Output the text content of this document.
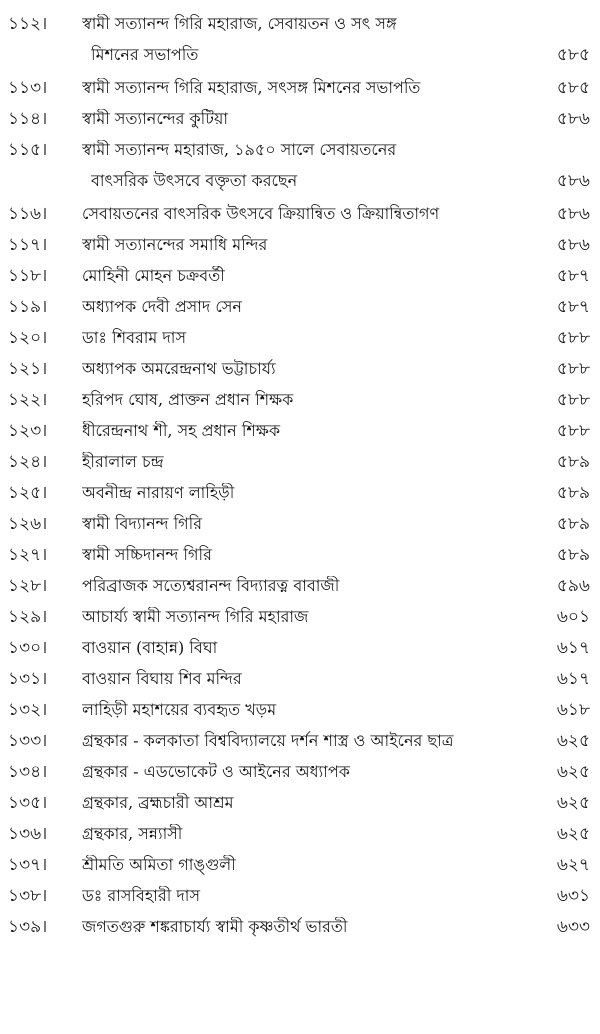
১১২।	স্বামী সত্যানন্দ গিরি মহারাজ, সেবায়তন ও সৎ সঙ্গ
মিশনের সভাপতি	৫৮৫
১১৩।	স্বামী সত্যানন্দ গিরি মহারাজ, সৎসঙ্গ মিশনের সভাপতি	৫৮৫
১১৪।	স্বামী সত্যানন্দের কুটিয়া	৫৮৬
১১৫।	স্বামী সত্যানন্দ মহারাজ, ১৯৫০ সালে সেবায়তনের
বাৎসরিক উৎসবে বক্তৃতা করছেন	৫৮৬
১১৬।	সেবায়তনের বাৎসরিক উৎসবে ক্রিয়ান্বিত ও ক্রিয়ান্বিতাগণ	৫৮৬
১১৭।	স্বামী সত্যানন্দের সমাধি মন্দির	৫৮৬
১১৮।	মোহিনী মোহন চক্রবর্তী	৫৮৭
১১৯।	অধ্যাপক দেবী প্রসাদ সেন	৫৮৭
১২০।	ডাঃ শিবরাম দাস	৫৮৮
১২১।	অধ্যাপক অমরেন্দ্রনাথ ভট্টাচার্য্য	৫৮৮
১২২।	হরিপদ ঘোষ, প্রাক্তন প্রধান শিক্ষক	৫৮৮
১২৩।	ধীরেন্দ্রনাথ শী, সহ প্রধান শিক্ষক	৫৮৮
১২৪।	হীরালাল চন্দ্র	৫৮৯
১২৫।	অবনীন্দ্র নারায়ণ লাহিড়ী	৫৮৯
১২৬।	স্বামী বিদ্যানন্দ গিরি	৫৮৯
১২৭।	স্বামী সচ্চিদানন্দ গিরি	৫৮৯
১২৮।	পরিব্রাজক সত্যেশ্বরানন্দ বিদ্যারত্ন বাবাজী	৫৯৬
১২৯।	আচার্য্য স্বামী সত্যানন্দ গিরি মহারাজ	৬০১
১৩০।	বাওয়ান (বাহান্ন) বিঘা	৬১৭
১৩১।	বাওয়ান বিঘায় শিব মন্দির	৬১৭
১৩২।	লাহিড়ী মহাশয়ের ব্যবহৃত খড়ম	৬১৮
১৩৩।	গ্রন্থকার - কলকাতা বিশ্ববিদ্যালয়ে দর্শন শাস্ত্র ও আইনের ছাত্র	৬২৫
১৩৪।	গ্রন্থকার - এডভোকেট ও আইনের অধ্যাপক	৬২৫
১৩৫।	গ্রন্থকার, ব্রহ্মচারী আশ্রম	৬২৫
১৩৬।	গ্রন্থকার, সন্ন্যাসী	৬২৫
১৩৭।	শ্রীমতি অমিতা গাঙ্গুলী	৬২৭
১৩৮।	ডঃ রাসবিহারী দাস	৬৩১
১৩৯।	জগতগুরু শঙ্করাচার্য্য স্বামী কৃষ্ণতীর্থ ভারতী	৬৩৩
